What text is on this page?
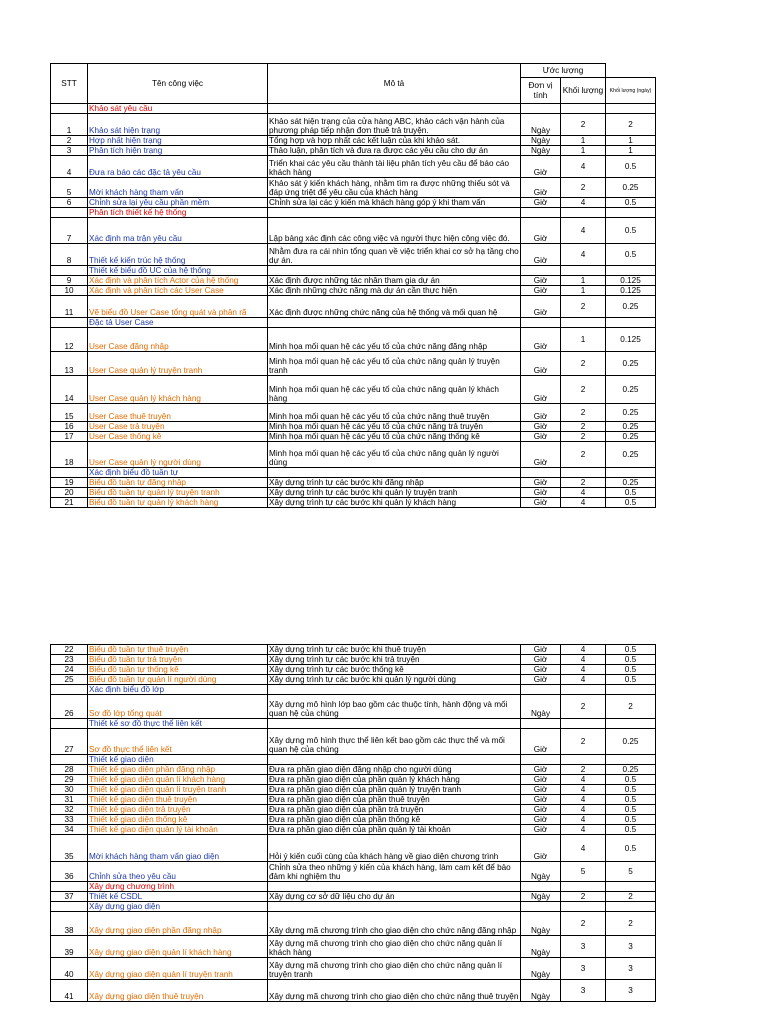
STT	Tên công việc	Mô tả	Ước lượng			
			Đơn vị tính	Khối lượng	Khối lượng (ngày)	
	Khảo sát yêu cầu					
1	Khảo sát hiện trạng	Khảo sát hiện trạng của cửa hàng ABC, khảo cách vận hành của phương pháp tiếp nhận đơn thuê trả truyện.	Ngày	2	2	
2	Hợp nhất hiện trạng	Tổng hợp và hợp nhất các kết luận của khi khảo sát.	Ngày	1	1	
3	Phân tích hiện trạng	Thảo luận, phân tích và đưa ra được các yêu cầu cho dự án	Ngày	1	1	
4	Đưa ra báo các đặc tả yêu cầu	Triển khai các yêu cầu thành tài liệu phân tích yêu cầu để báo cáo khách hàng	Giờ	4	0.5	
5	Mời khách hàng tham vấn	Khảo sát ý kiến khách hàng, nhằm tìm ra được những thiếu sót và đáp ứng triệt để yêu cầu của khách hàng	Giờ	2	0.25	
6	Chỉnh sửa lại yêu cầu phần mềm	Chỉnh sửa lại các ý kiến mà khách hàng góp ý khi tham vấn	Giờ	4	0.5	
	Phân tích thiết kế hệ thống					
7	Xác định ma trận yêu cầu	Lập bảng xác định các công việc và người thực hiện công việc đó.	Giờ	4	0.5	
8	Thiết kế kiến trúc hệ thống	Nhằm đưa ra cái nhìn tổng quan về việc triển khai cơ sở hạ tầng cho dự án.	Giờ	4	0.5	
	Thiết kế biểu đồ UC của hệ thống					
9	Xác định và phân tích Actor của hệ thống	Xác định được những tác nhân tham gia dự án	Giờ	1	0.125	
10	Xác định và phân tích các User Case	Xác định những chức năng mà dự án cần thực hiện	Giờ	1	0.125	
11	Vẽ biểu đồ User Case tổng quát và phân rã	Xác định được những chức năng của hệ thống và mối quan hệ	Giờ	2	0.25	
	Đặc tả User Case					
12	User Case đăng nhập	Minh họa mối quan hệ các yếu tố của chức năng đăng nhập	Giờ	1	0.125	
13	User Case quản lý truyện tranh	Minh họa mối quan hệ các yếu tố của chức năng quản lý truyện tranh	Giờ	2	0.25	
14	User Case quản lý khách hàng	Minh họa mối quan hệ các yếu tố của chức năng quản lý khách hàng	Giờ	2	0.25	
15	User Case thuê truyện	Minh họa mối quan hệ các yếu tố của chức năng thuê truyện	Giờ	2	0.25	
16	User Case trả truyện	Minh họa mối quan hệ các yếu tố của chức năng trả truyện	Giờ	2	0.25	
17	User Case thống kê	Minh họa mối quan hệ các yếu tố của chức năng thống kê	Giờ	2	0.25	
18	User Case quản lý người dùng	Minh họa mối quan hệ các yếu tố của chức năng quản lý người dùng	Giờ	2	0.25	
	Xác định biểu đồ tuần tự					
19	Biểu đồ tuần tự đăng nhập	Xây dựng trình tự các bước khi đăng nhập	Giờ	2	0.25	
20	Biểu đồ tuần tự quản lý truyện tranh	Xây dựng trình tự các bước khi quản lý truyện tranh	Giờ	4	0.5	
21	Biểu đồ tuần tự quản lý khách hàng	Xây dựng trình tự các bước khi quản lý khách hàng	Giờ	4	0.5	
22	Biểu đồ tuần tự thuê truyện	Xây dựng trình tự các bước khi thuê truyện	Giờ	4	0.5	
23	Biểu đồ tuần tự trả truyện	Xây dựng trình tự các bước khi trả truyện	Giờ	4	0.5	
24	Biểu đồ tuần tự thống kê	Xây dựng trình tự các bước thống kê	Giờ	4	0.5	
25	Biểu đồ tuần tự quản lí người dùng	Xây dựng trình tự các bước khi quản lý người dùng	Giờ	4	0.5	
	Xác định biểu đồ lớp					
26	Sơ đồ lớp tổng quát	Xây dựng mô hình lớp bao gồm các thuộc tính, hành động và mối quan hệ của chúng	Ngày	2	2	
	Thiết kế sơ đồ thực thể liên kết					
27	Sơ đồ thực thể liên kết	Xây dựng mô hình thực thể liên kết bao gồm các thực thể và mối quan hệ của chúng	Giờ	2	0.25	
	Thiết kế giao diện					
28	Thiết kế giao diện phần đăng nhập	Đưa ra phần giao diện đăng nhập cho người dùng	Giờ	2	0.25	
29	Thiết kế giao diện quản lí khách hàng	Đưa ra phần giao diện của phần quản lý khách hàng	Giờ	4	0.5	
30	Thiết kế giao diện quản lí truyện tranh	Đưa ra phần giao diện của phần quản lý truyện tranh	Giờ	4	0.5	
31	Thiết kế giao diện thuê truyện	Đưa ra phần giao diện của phần thuê truyện	Giờ	4	0.5	
32	Thiết kế giao diện trả truyện	Đưa ra phần giao diện của phần trả truyện	Giờ	4	0.5	
33	Thiết kế giao diện thống kê	Đưa ra phần giao diện của phần thống kê	Giờ	4	0.5	
34	Thiết kế giao diện quản lý tài khoản	Đưa ra phần giao diện của phần quản lý tài khoản	Giờ	4	0.5	
35	Mời khách hàng tham vấn giao diện	Hỏi ý kiến cuối cùng của khách hàng về giao diện chương trình	Giờ	4	0.5	
36	Chỉnh sửa theo yêu cầu	Chỉnh sửa theo những ý kiến của khách hàng, làm cam kết để bảo đảm khi nghiệm thu	Ngày	5	5	
	Xây dựng chương trình					
37	Thiết kế CSDL	Xây dựng cơ sở dữ liệu cho dự án	Ngày	2	2	
	Xây dựng giao diện					
38	Xây dựng giao diện phần đăng nhập	Xây dựng mã chương trình cho giao diện cho chức năng đăng nhập	Ngày	2	2	
39	Xây dựng giao diện quản lí khách hàng	Xây dựng mã chương trình cho giao diện cho chức năng quản lí khách hàng	Ngày	3	3	
40	Xây dựng giao diện quản lí truyện tranh	Xây dựng mã chương trình cho giao diện cho chức năng quản lí truyện tranh	Ngày	3	3	
41	Xây dựng giao diện thuê truyện	Xây dựng mã chương trình cho giao diện cho chức năng thuê truyện	Ngày	3	3	
